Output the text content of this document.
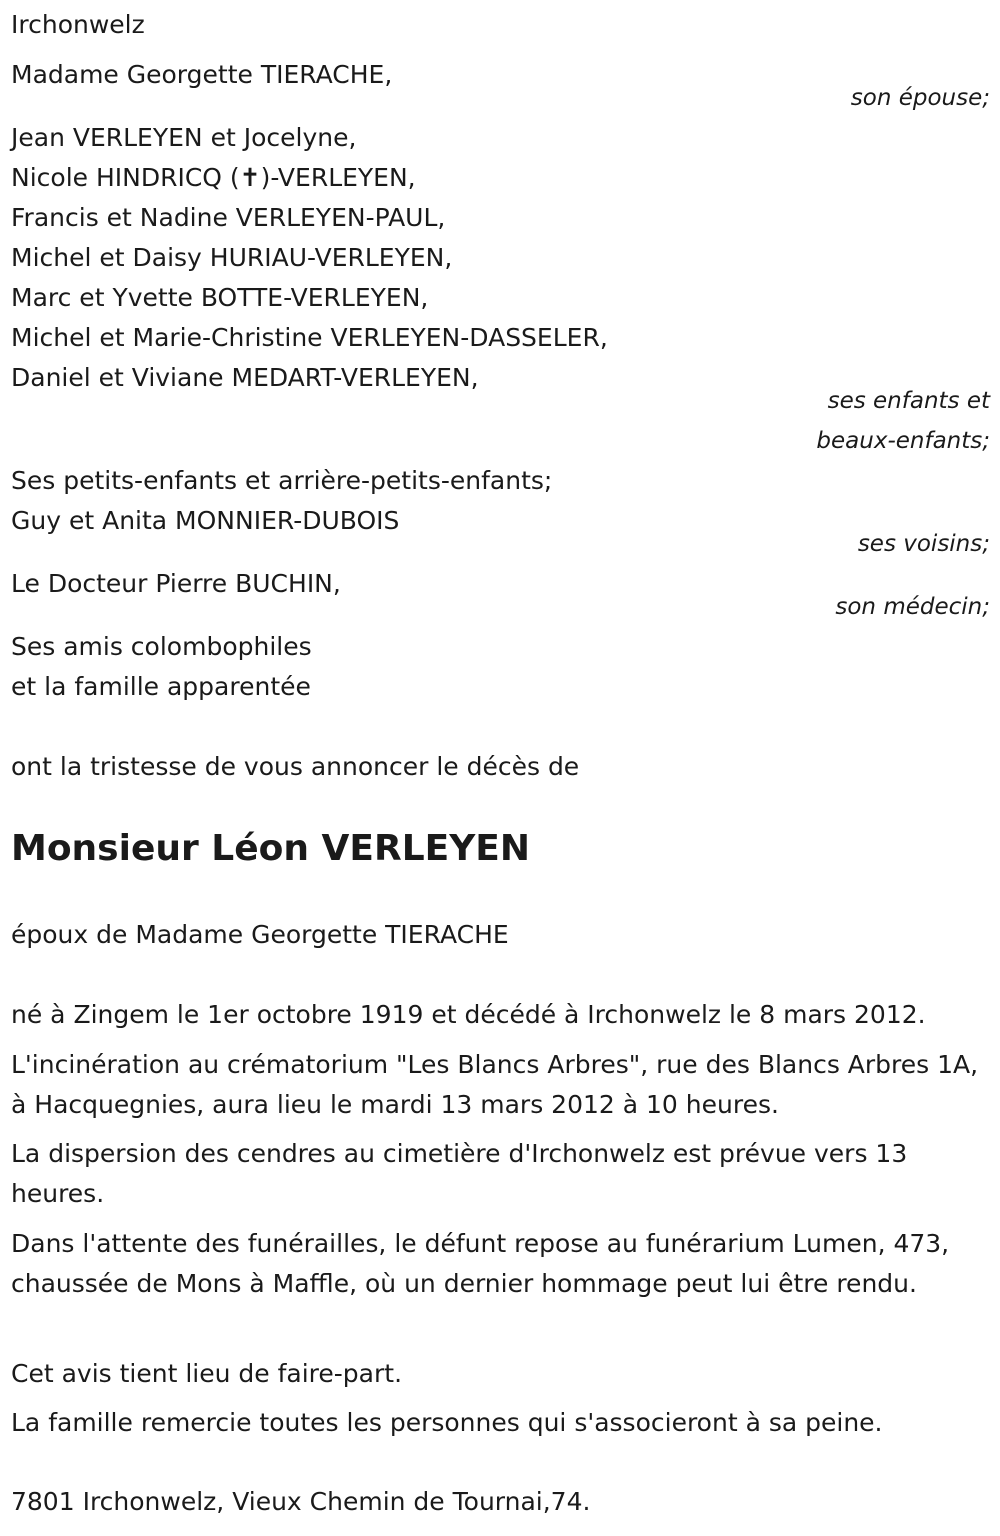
Irchonwelz
Madame Georgette TIERACHE,
son épouse;
Jean VERLEYEN et Jocelyne,
Nicole HINDRICQ (✝)-VERLEYEN,
Francis et Nadine VERLEYEN-PAUL,
Michel et Daisy HURIAU-VERLEYEN,
Marc et Yvette BOTTE-VERLEYEN,
Michel et Marie-Christine VERLEYEN-DASSELER,
Daniel et Viviane MEDART-VERLEYEN,
ses enfants et
beaux-enfants;
Ses petits-enfants et arrière-petits-enfants;
Guy et Anita MONNIER-DUBOIS
ses voisins;
Le Docteur Pierre BUCHIN,
son médecin;
Ses amis colombophiles
et la famille apparentée
ont la tristesse de vous annoncer le décès de
Monsieur Léon VERLEYEN
époux de Madame Georgette TIERACHE
né à Zingem le 1er octobre 1919 et décédé à Irchonwelz le 8 mars 2012.
L'incinération au crématorium "Les Blancs Arbres", rue des Blancs Arbres 1A, à Hacquegnies, aura lieu le mardi 13 mars 2012 à 10 heures.
La dispersion des cendres au cimetière d'Irchonwelz est prévue vers 13 heures.
Dans l'attente des funérailles, le défunt repose au funérarium Lumen, 473, chaussée de Mons à Maffle, où un dernier hommage peut lui être rendu.
Cet avis tient lieu de faire-part.
La famille remercie toutes les personnes qui s'associeront à sa peine.
7801 Irchonwelz, Vieux Chemin de Tournai,74.
